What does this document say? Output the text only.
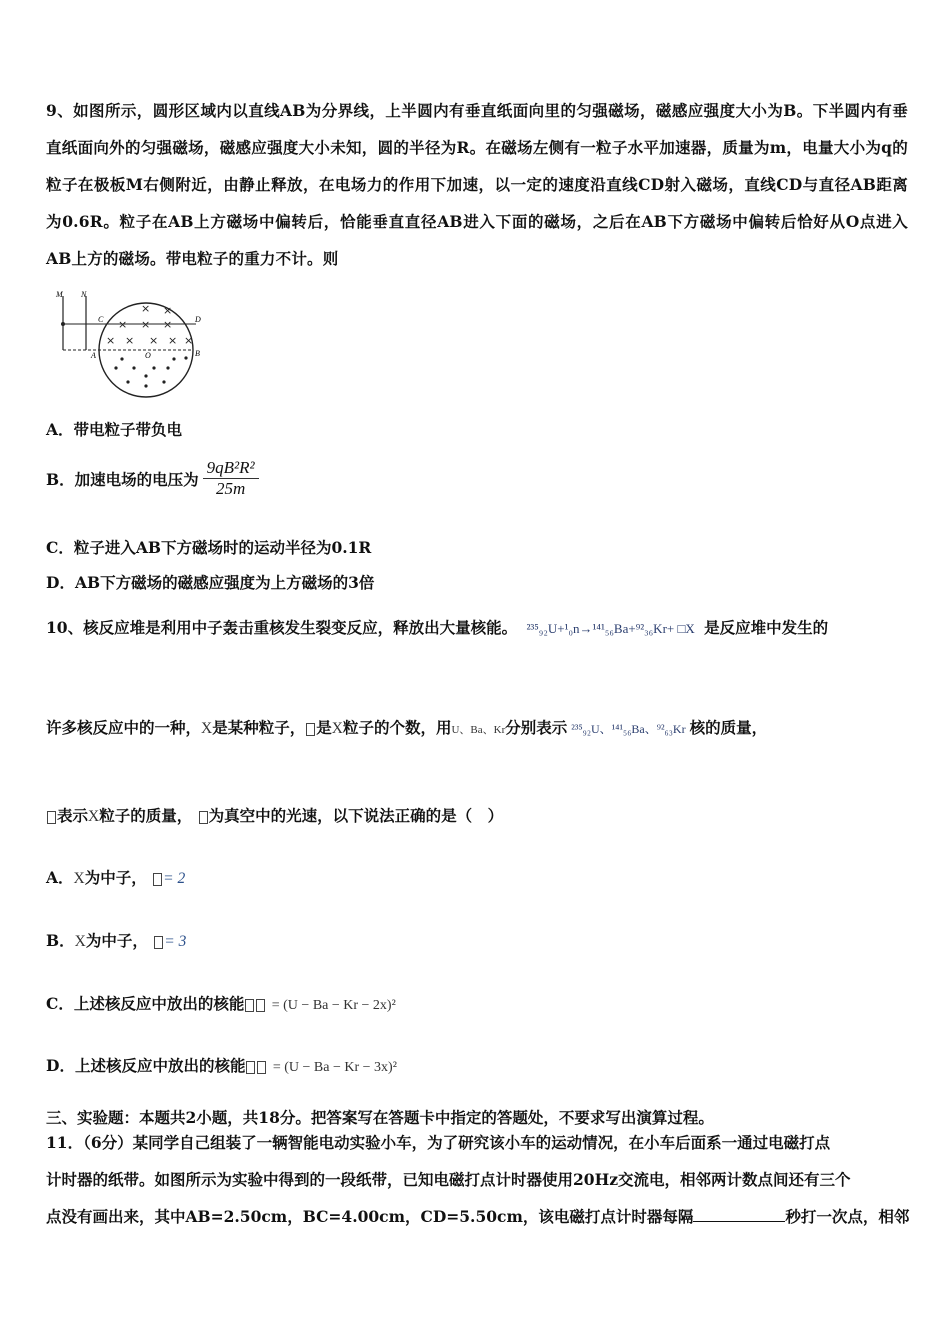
9、如图所示，圆形区域内以直线AB为分界线，上半圆内有垂直纸面向里的匀强磁场，磁感应强度大小为B。下半圆内有垂直纸面向外的匀强磁场，磁感应强度大小未知，圆的半径为R。在磁场左侧有一粒子水平加速器，质量为m，电量大小为q的粒子在极板M右侧附近，由静止释放，在电场力的作用下加速，以一定的速度沿直线CD射入磁场，直线CD与直径AB距离为0.6R。粒子在AB上方磁场中偏转后，恰能垂直直径AB进入下面的磁场，之后在AB下方磁场中偏转后恰好从O点进入AB上方的磁场。带电粒子的重力不计。则
M N
C	D
A	B
O
× ×
× × ×
× × × × ×
A．带电粒子带负电
B．加速电场的电压为 $\frac{\text{9qB²R²}}{25m}$
C．粒子进入AB下方磁场时的运动半径为0.1R
D．AB下方磁场的磁感应强度为上方磁场的3倍
10、核反应堆是利用中子轰击重核发生裂变反应，释放出大量核能。 ²³⁵₉₂U+¹₀n→¹⁴¹₅₆Ba+⁹²₃₆Kr+ □X 是反应堆中发生的
许多核反应中的一种，X是某种粒子， 是X粒子的个数，用U、Ba、Kr分别表示 ²³⁵₉₂U、¹⁴¹₅₆Ba、⁹²₆₃Kr 核的质量，
表示X粒子的质量， 为真空中的光速，以下说法正确的是（　）
A．X为中子， = 2
B．X为中子， = 3
C．上述核反应中放出的核能 = (U − Ba − Kr − 2x)²
D．上述核反应中放出的核能 = (U − Ba − Kr − 3x)²
三、实验题：本题共2小题，共18分。把答案写在答题卡中指定的答题处，不要求写出演算过程。
11．（6分）某同学自己组装了一辆智能电动实验小车，为了研究该小车的运动情况，在小车后面系一通过电磁打点
计时器的纸带。如图所示为实验中得到的一段纸带，已知电磁打点计时器使用20Hz交流电，相邻两计数点间还有三个
点没有画出来，其中AB=2.50cm，BC=4.00cm，CD=5.50cm，该电磁打点计时器每隔	秒打一次点，相邻
